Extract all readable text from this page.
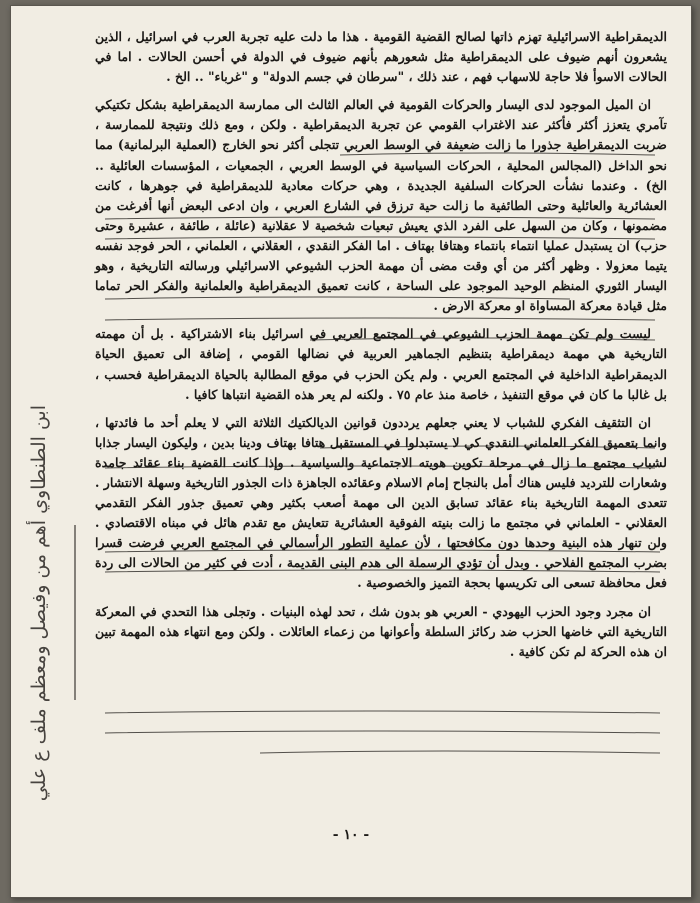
الديمقراطية الاسرائيلية تهزم ذاتها لصالح القضية القومية . هذا ما دلت عليه تجربة العرب في اسرائيل ، الذين يشعرون أنهم ضيوف على الديمقراطية مثل شعورهم بأنهم ضيوف في الدولة في أحسن الحالات . اما في الحالات الاسوأ فلا حاجة للاسهاب فهم ، عند ذلك ، "سرطان في جسم الدولة" و "غرباء" .. الخ .

ان الميل الموجود لدى اليسار والحركات القومية في العالم الثالث الى ممارسة الديمقراطية بشكل تكتيكي تآمري يتعزز أكثر فأكثر عند الاغتراب القومي عن تجربة الديمقراطية . ولكن ، ومع ذلك ونتيجة للممارسة ، ضربت الديمقراطية جذورا ما زالت ضعيفة في الوسط العربي تتجلى أكثر نحو الخارج (العملية البرلمانية) مما نحو الداخل (المجالس المحلية ، الحركات السياسية في الوسط العربي ، الجمعيات ، المؤسسات العائلية .. الخ) . وعندما نشأت الحركات السلفية الجديدة ، وهي حركات معادية للديمقراطية في جوهرها ، كانت العشائرية والعائلية وحتى الطائفية ما زالت حية ترزق في الشارع العربي ، وان ادعى البعض أنها أفرغت من مضمونها ، وكان من السهل على الفرد الذي يعيش تبعيات شخصية لا عقلانية (عائلة ، طائفة ، عشيرة وحتى حزب) ان يستبدل عمليا انتماء بانتماء وهتافا بهتاف . اما الفكر النقدي ، العقلاني ، العلماني ، الحر فوجد نفسه يتيما معزولا . وظهر أكثر من أي وقت مضى أن مهمة الحزب الشيوعي الاسرائيلي ورسالته التاريخية ، وهو اليسار الثوري المنظم الوحيد الموجود على الساحة ، كانت تعميق الديمقراطية والعلمانية والفكر الحر تماما مثل قيادة معركة المساواة او معركة الارض .

ليست ولم تكن مهمة الحزب الشيوعي في المجتمع العربي في اسرائيل بناء الاشتراكية . بل أن مهمته التاريخية هي مهمة ديمقراطية بتنظيم الجماهير العربية في نضالها القومي ، إضافة الى تعميق الحياة الديمقراطية الداخلية في المجتمع العربي . ولم يكن الحزب في موقع المطالبة بالحياة الديمقراطية فحسب ، بل غالبا ما كان في موقع التنفيذ ، خاصة منذ عام ٧٥ . ولكنه لم يعر هذه القضية انتباها كافيا .

ان التثقيف الفكري للشباب لا يعني جعلهم يرددون قوانين الديالكتيك الثلاثة التي لا يعلم أحد ما فائدتها ، وانما بتعميق الفكر العلماني النقدي كي لا يستبدلوا في المستقبل هتافا بهتاف ودينا بدين ، وليكون اليسار جذابا لشباب مجتمع ما زال في مرحلة تكوين هويته الاجتماعية والسياسية . وإذا كانت القضية بناء عقائد جامدة وشعارات للترديد فليس هناك أمل بالنجاح إمام الاسلام وعقائده الجاهزة ذات الجذور التاريخية وسهلة الانتشار . تتعدى المهمة التاريخية بناء عقائد تسابق الدين الى مهمة أصعب بكثير وهي تعميق جذور الفكر التقدمي العقلاني - العلماني في مجتمع ما زالت بنيته الفوقية العشائرية تتعايش مع تقدم هائل في مبناه الاقتصادي . ولن تنهار هذه البنية وحدها دون مكافحتها ، لأن عملية التطور الرأسمالي في المجتمع العربي فرضت قسرا بضرب المجتمع الفلاحي . وبدل أن تؤدي الرسملة الى هدم البنى القديمة ، أدت في كثير من الحالات الى ردة فعل محافظة تسعى الى تكريسها بحجة التميز والخصوصية .

ان مجرد وجود الحزب اليهودي - العربي هو بدون شك ، تحد لهذه البنيات . وتجلى هذا التحدي في المعركة التاريخية التي خاضها الحزب ضد ركائز السلطة وأعوانها من زعماء العائلات . ولكن ومع انتهاء هذه المهمة تبين ان هذه الحركة لم تكن كافية .

- ١٠ -
ابن الطنطاوي أهم من وفيصل ومعظم ملف ع علي
